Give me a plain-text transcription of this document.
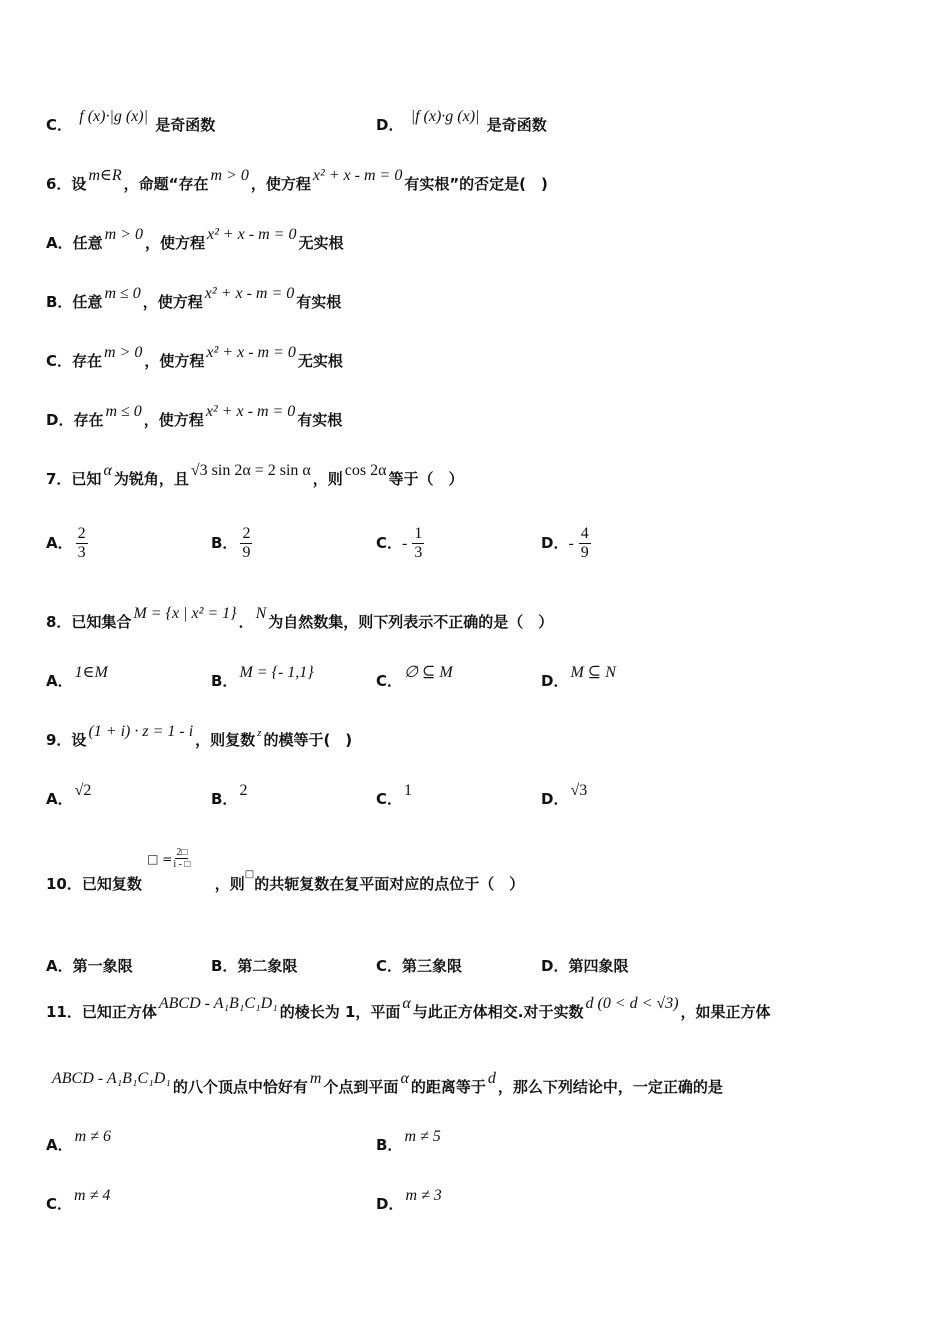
C． f (x)·|g (x)| 是奇函数	D． |f (x)·g (x)| 是奇函数
6．设 m∈R ，命题“存在 m > 0 ，使方程 x² + x - m = 0 有实根”的否定是(　)
A．任意 m > 0 ，使方程 x² + x - m = 0 无实根
B．任意 m ≤ 0 ，使方程 x² + x - m = 0 有实根
C．存在 m > 0 ，使方程 x² + x - m = 0 无实根
D．存在 m ≤ 0 ，使方程 x² + x - m = 0 有实根
7．已知 α 为锐角，且 √3 sin 2α = 2 sin α ，则 cos 2α 等于（　）
A． $\frac{2}{3}$	B． $\frac{2}{9}$	C．- $\frac{1}{3}$	D．- $\frac{4}{9}$
8．已知集合 M = {x | x² = 1} ． N 为自然数集，则下列表示不正确的是（　）
A． 1∈M	B． M = {- 1,1}	C． ∅ ⊆ M	D． M ⊆ N
9．设 (1 + i) · z = 1 - i ，则复数 $^z$ 的模等于(　)
A． √2	B． 2	C． 1	D． √3
10．已知复数 $^{□ =} \frac{2□}{i - □}$
，则□的共轭复数在复平面对应的点位于（　）
A．第一象限	B．第二象限	C．第三象限	D．第四象限
11．已知正方体 ABCD - A₁B₁C₁D₁ 的棱长为 1，平面 α 与此正方体相交.对于实数 d (0 < d < √3) ，如果正方体
ABCD - A₁B₁C₁D₁ 的八个顶点中恰好有 m 个点到平面 α 的距离等于 d ，那么下列结论中，一定正确的是
A． m ≠ 6	B． m ≠ 5
C． m ≠ 4	D． m ≠ 3
